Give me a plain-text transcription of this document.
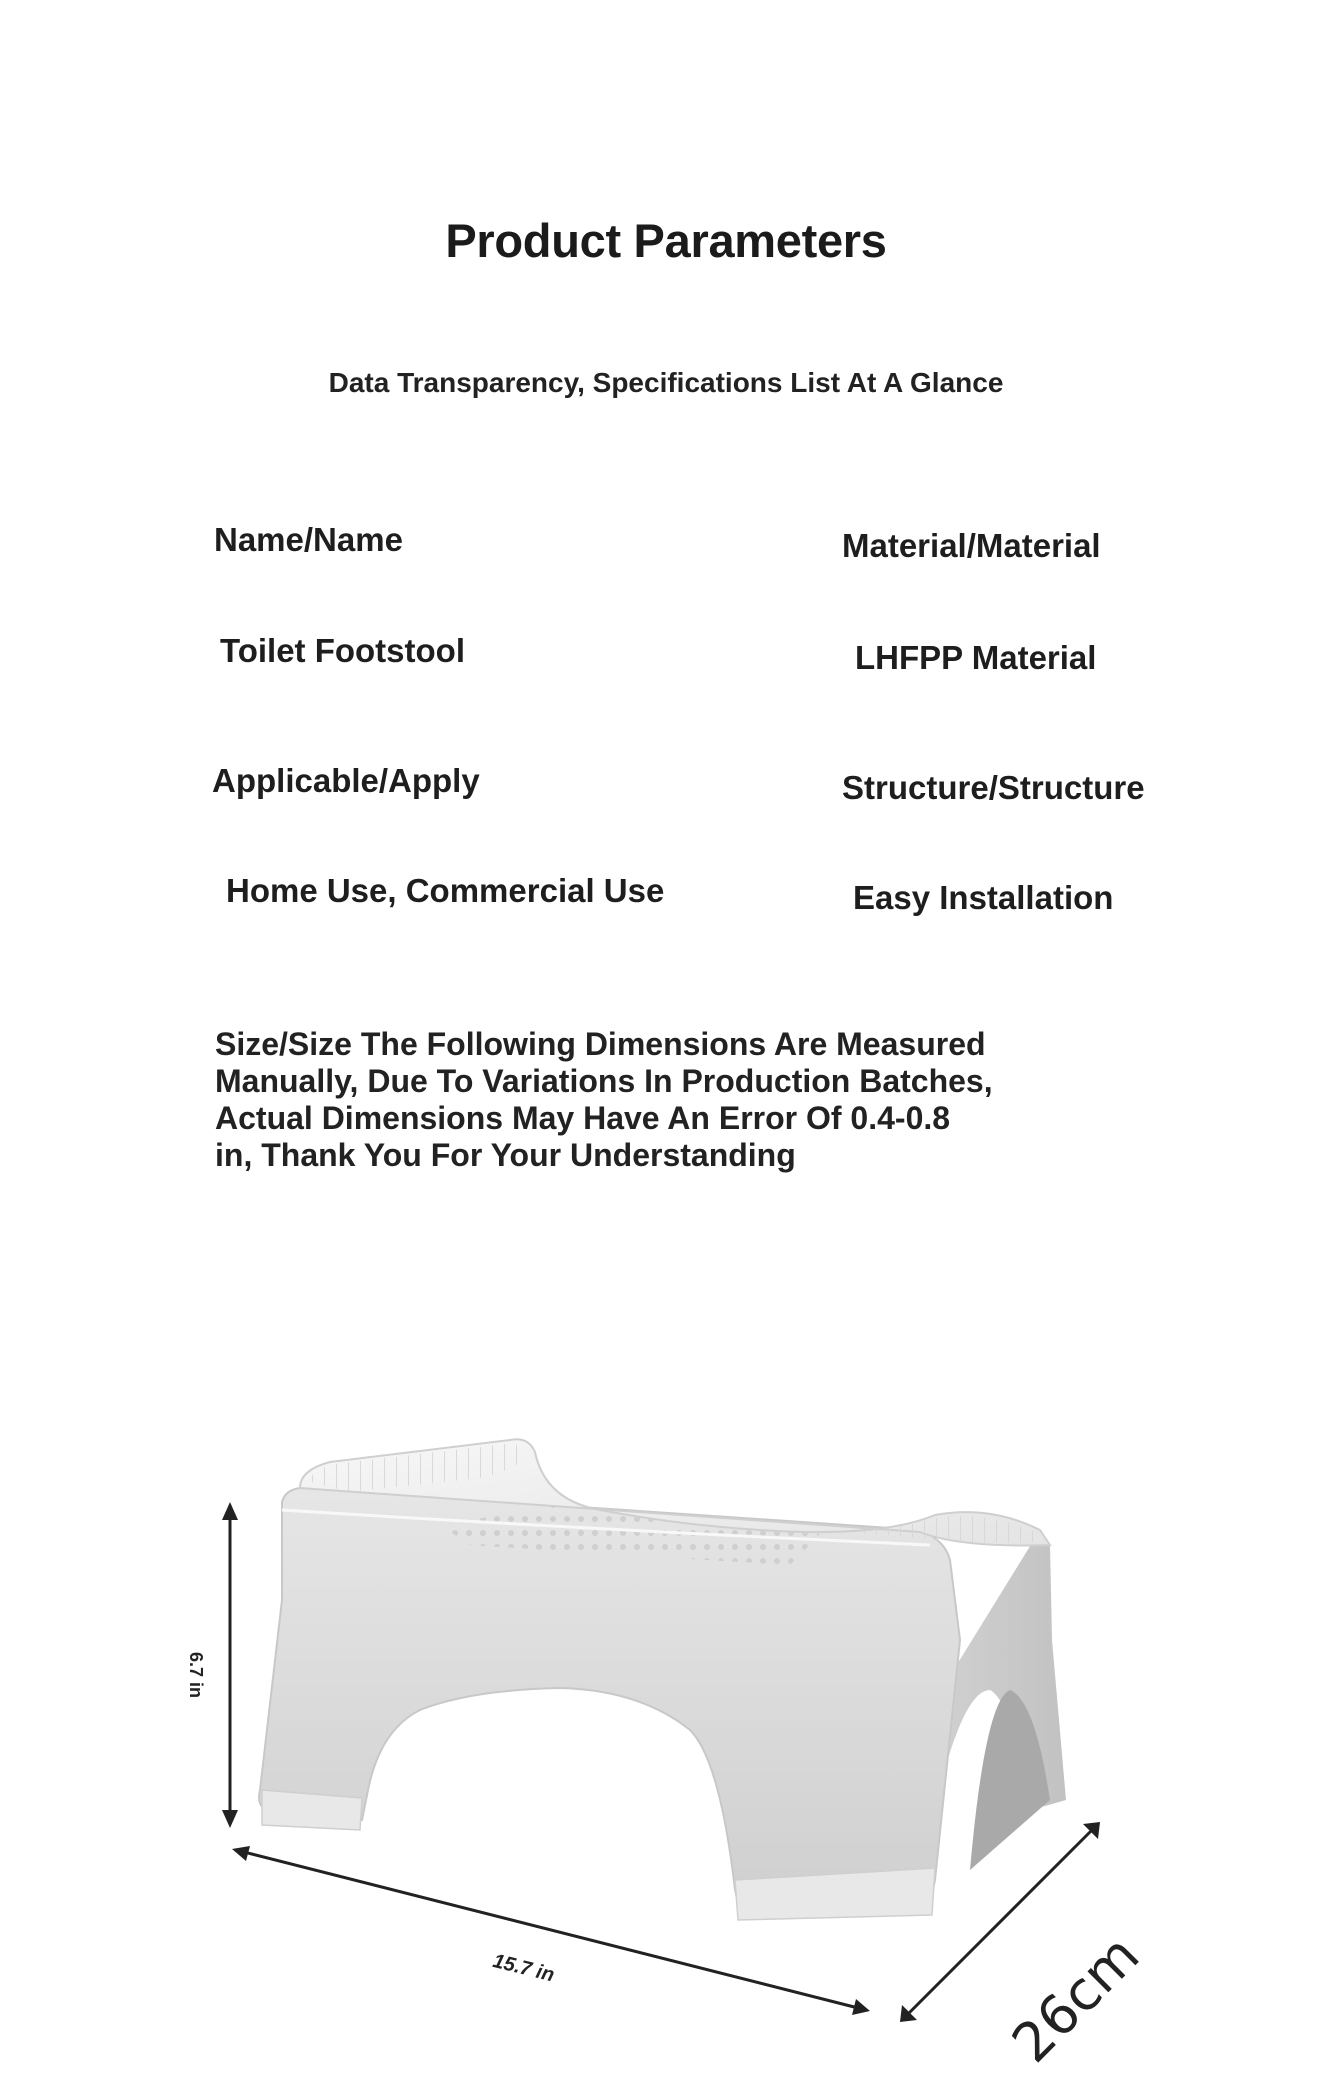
Product Parameters
Data Transparency, Specifications List At A Glance
Name/Name
Toilet Footstool
Material/Material
LHFPP Material
Applicable/Apply
Home Use, Commercial Use
Structure/Structure
Easy Installation
Size/Size The Following Dimensions Are Measured
Manually, Due To Variations In Production Batches,
Actual Dimensions May Have An Error Of 0.4-0.8
in, Thank You For Your Understanding
6.7 in
15.7 in	26cm
